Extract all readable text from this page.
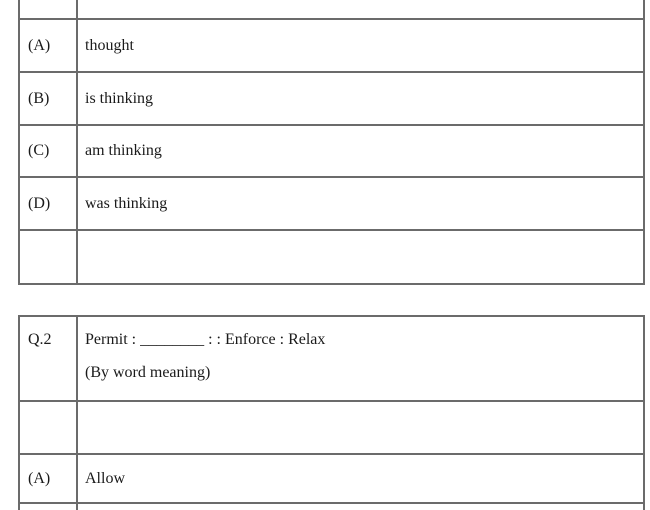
(A)	thought
(B)	is thinking
(C)	am thinking
(D)	was thinking
Q.2	Permit : ________ : : Enforce : Relax
(By word meaning)
(A)	Allow
